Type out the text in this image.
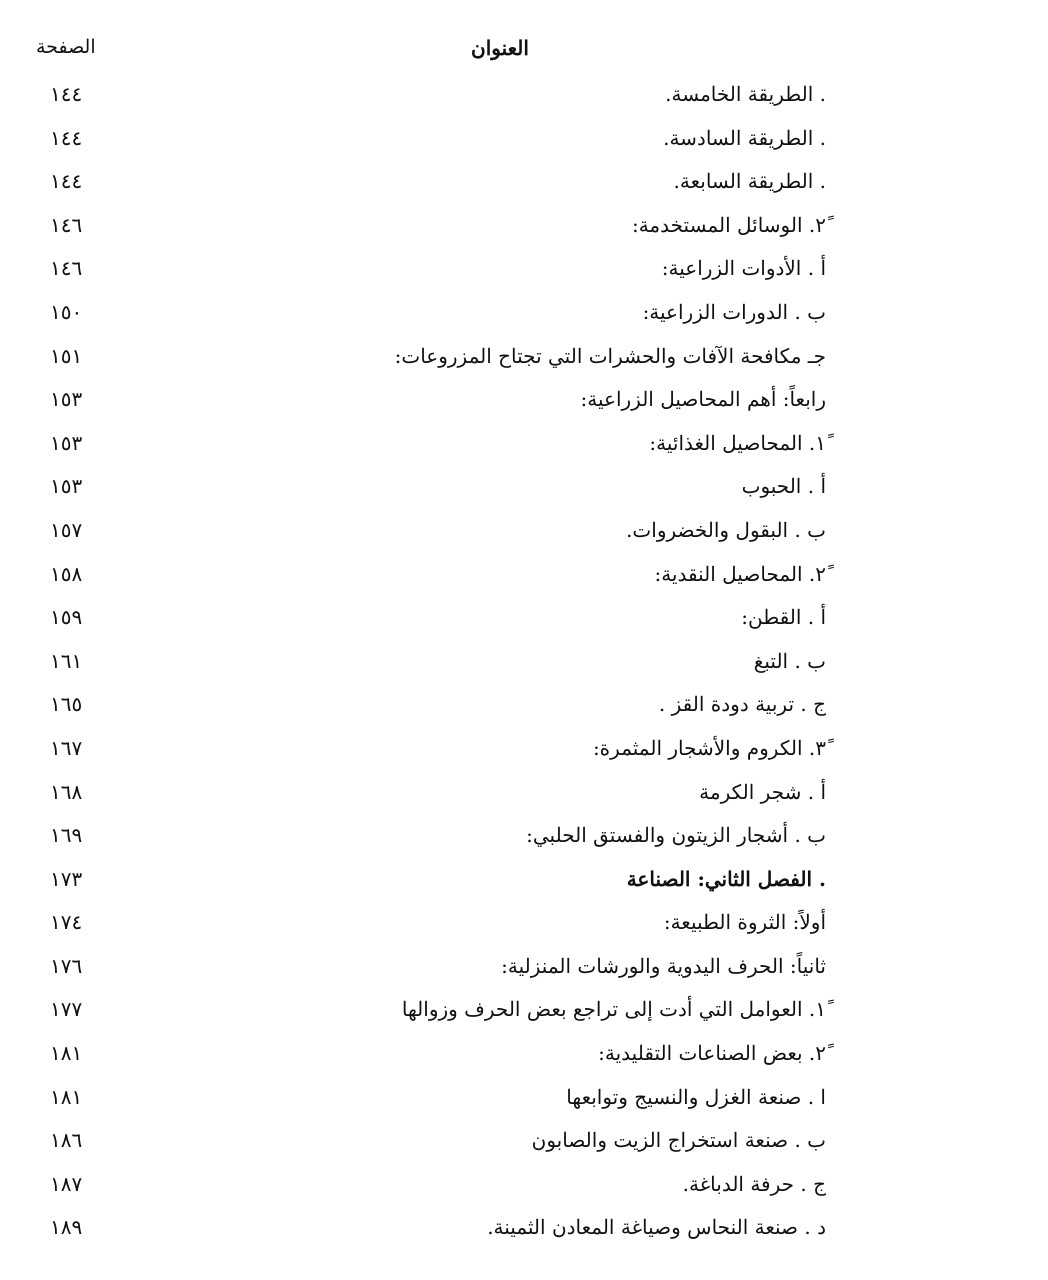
الصفحة	العنوان
. الطريقة الخامسة.
١٤٤
. الطريقة السادسة.
١٤٤
. الطريقة السابعة.
١٤٤
ً٢. الوسائل المستخدمة:
١٤٦
أ . الأدوات الزراعية:
١٤٦
ب . الدورات الزراعية:
١٥٠
جـ مكافحة الآفات والحشرات التي تجتاح المزروعات:
١٥١
رابعاً: أهم المحاصيل الزراعية:
١٥٣
ً١. المحاصيل الغذائية:
١٥٣
أ . الحبوب
١٥٣
ب . البقول والخضروات.
١٥٧
ً٢. المحاصيل النقدية:
١٥٨
أ . القطن:
١٥٩
ب . التبغ
١٦١
ج . تربية دودة القز .
١٦٥
ً٣. الكروم والأشجار المثمرة:
١٦٧
أ . شجر الكرمة
١٦٨
ب . أشجار الزيتون والفستق الحلبي:
١٦٩
. الفصل الثاني: الصناعة
١٧٣
أولاً: الثروة الطبيعة:
١٧٤
ثانياً: الحرف اليدوية والورشات المنزلية:
١٧٦
ً١. العوامل التي أدت إلى تراجع بعض الحرف وزوالها
١٧٧
ً٢. بعض الصناعات التقليدية:
١٨١
ا . صنعة الغزل والنسيج وتوابعها
١٨١
ب . صنعة استخراج الزيت والصابون
١٨٦
ج . حرفة الدباغة.
١٨٧
د . صنعة النحاس وصياغة المعادن الثمينة.
١٨٩
